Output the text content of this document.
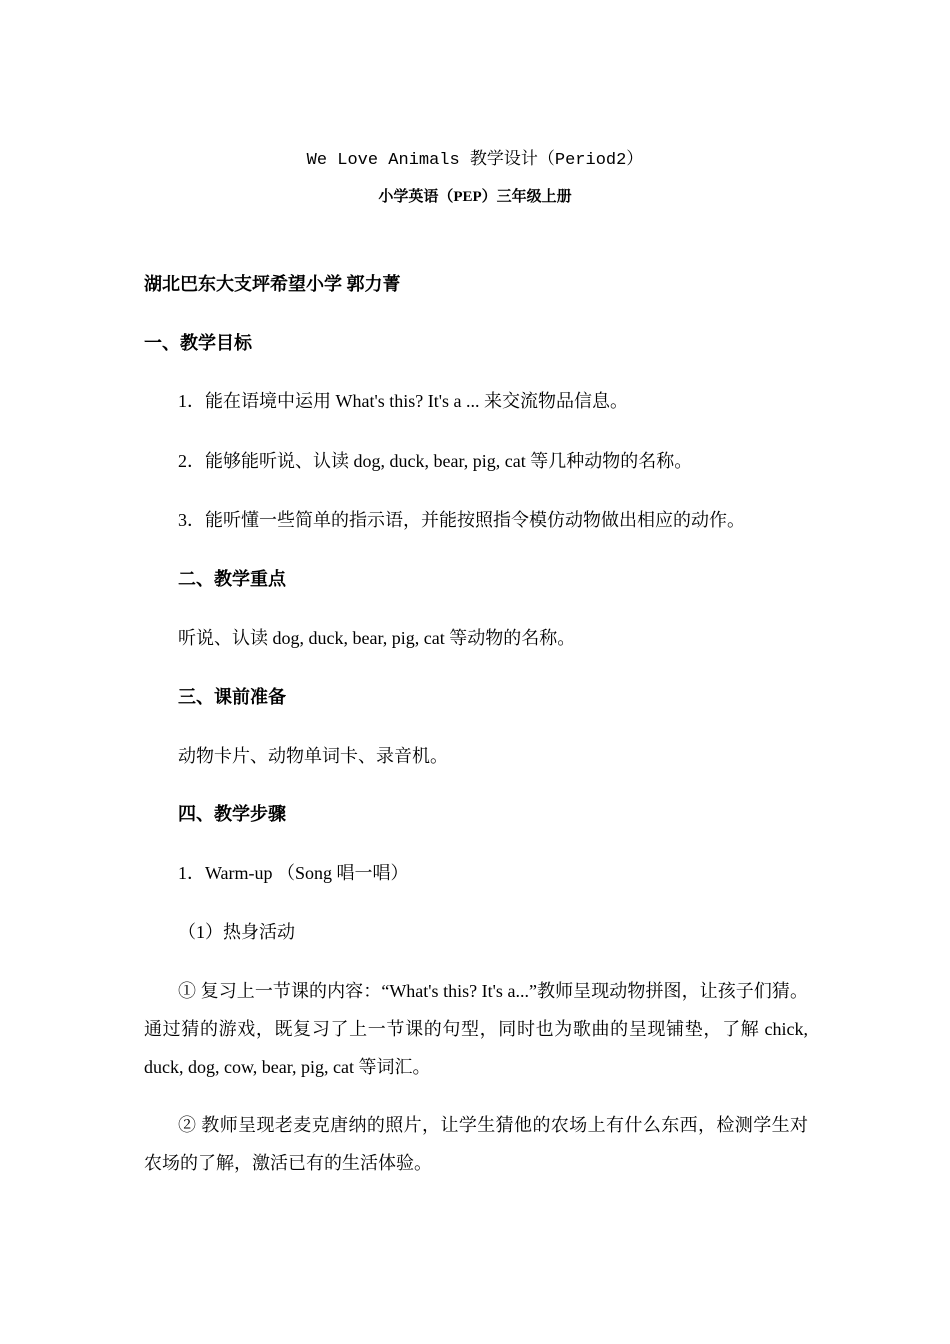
We Love Animals 教学设计（Period2）
小学英语（PEP）三年级上册
湖北巴东大支坪希望小学 郭力菁
一、教学目标
1．能在语境中运用 What's this? It's a ... 来交流物品信息。
2．能够能听说、认读 dog, duck, bear, pig, cat 等几种动物的名称。
3．能听懂一些简单的指示语，并能按照指令模仿动物做出相应的动作。
二、教学重点
听说、认读 dog, duck, bear, pig, cat 等动物的名称。
三、课前准备
动物卡片、动物单词卡、录音机。
四、教学步骤
1．Warm-up （Song 唱一唱）
（1）热身活动
① 复习上一节课的内容：“What's this? It's a...”教师呈现动物拼图，让孩子们猜。通过猜的游戏，既复习了上一节课的句型，同时也为歌曲的呈现铺垫，了解 chick, duck, dog, cow, bear, pig, cat 等词汇。
② 教师呈现老麦克唐纳的照片，让学生猜他的农场上有什么东西，检测学生对农场的了解，激活已有的生活体验。
